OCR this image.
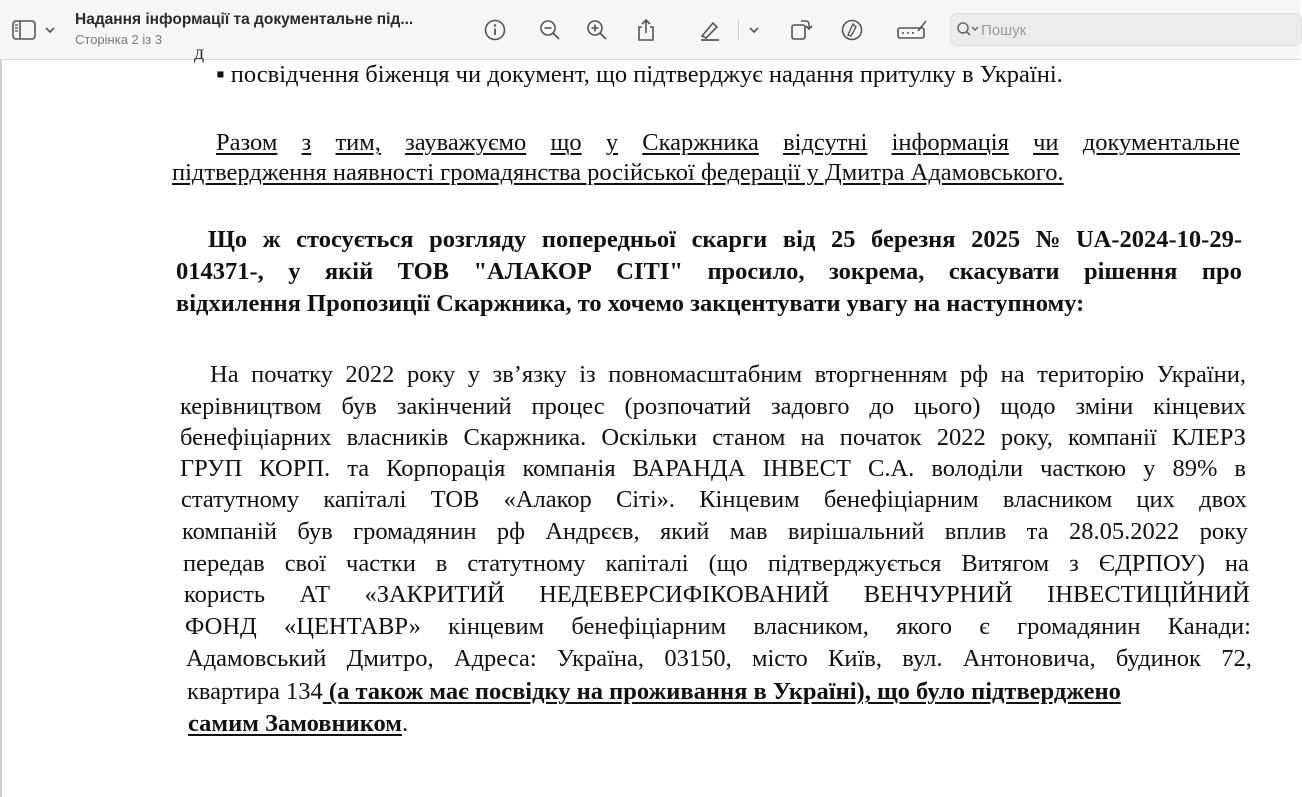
Надання інформації та документальне під...
Сторінка 2 із 3
Пошук
д
▪ посвідчення біженця чи документ, що підтверджує надання притулку в Україні.
Разом з тим, зауважуємо що у Скаржника відсутні інформація чи документальне
підтвердження наявності громадянства російської федерації у Дмитра Адамовського.
Що ж стосується розгляду попередньої скарги від 25 березня 2025 № UA-2024-10-29-
014371-, у якій ТОВ "АЛАКОР СІТІ" просило, зокрема, скасувати рішення про
відхилення Пропозиції Скаржника, то хочемо закцентувати увагу на наступному:
На початку 2022 року у зв’язку із повномасштабним вторгненням рф на територію України,
керівництвом був закінчений процес (розпочатий задовго до цього) щодо зміни кінцевих
бенефіціарних власників Скаржника. Оскільки станом на початок 2022 року, компанії КЛЕРЗ
ГРУП КОРП. та Корпорація компанія ВАРАНДА ІНВЕСТ С.А. володіли часткою у 89% в
статутному капіталі ТОВ «Алакор Сіті». Кінцевим бенефіціарним власником цих двох
компаній був громадянин рф Андрєєв, який мав вирішальний вплив та 28.05.2022 року
передав свої частки в статутному капіталі (що підтверджується Витягом з ЄДРПОУ) на
користь АТ «ЗАКРИТИЙ НЕДЕВЕРСИФІКОВАНИЙ ВЕНЧУРНИЙ ІНВЕСТИЦІЙНИЙ
ФОНД «ЦЕНТАВР» кінцевим бенефіціарним власником, якого є громадянин Канади:
Адамовський Дмитро, Адреса: Україна, 03150, місто Київ, вул. Антоновича, будинок 72,
квартира 134 (а також має посвідку на проживання в Україні), що було підтверджено
самим Замовником.
